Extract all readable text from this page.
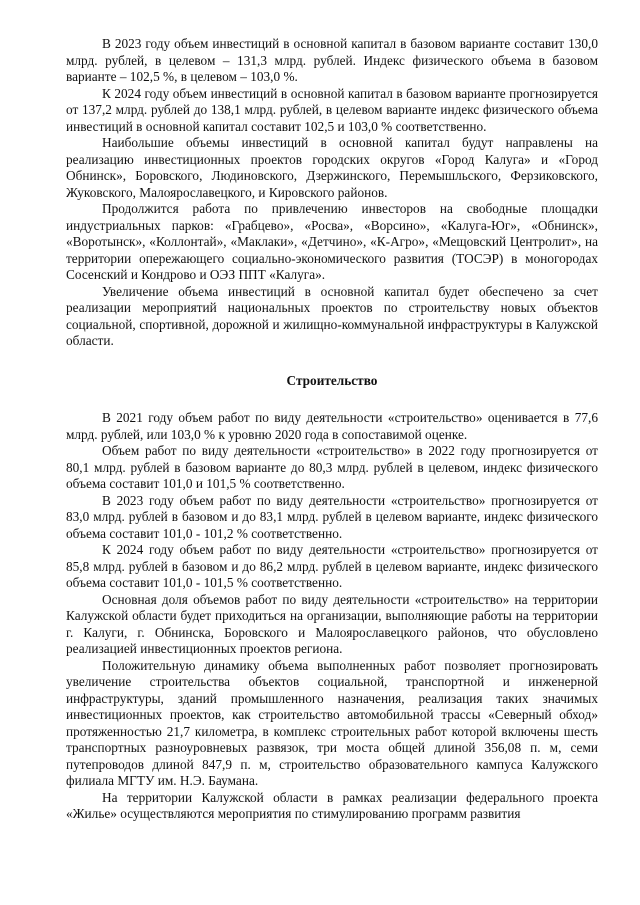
В 2023 году объем инвестиций в основной капитал в базовом варианте составит 130,0 млрд. рублей, в целевом – 131,3 млрд. рублей. Индекс физического объема в базовом варианте – 102,5 %, в целевом – 103,0 %.

К 2024 году объем инвестиций в основной капитал в базовом варианте прогнозируется от 137,2 млрд. рублей до 138,1 млрд. рублей, в целевом варианте индекс физического объема инвестиций в основной капитал составит 102,5 и 103,0 % соответственно.

Наибольшие объемы инвестиций в основной капитал будут направлены на реализацию инвестиционных проектов городских округов «Город Калуга» и «Город Обнинск», Боровского, Людиновского, Дзержинского, Перемышльского, Ферзиковского, Жуковского, Малоярославецкого, и Кировского районов.

Продолжится работа по привлечению инвесторов на свободные площадки индустриальных парков: «Грабцево», «Росва», «Ворсино», «Калуга-Юг», «Обнинск», «Воротынск», «Коллонтай», «Маклаки», «Детчино», «К-Агро», «Мещовский Центролит», на территории опережающего социально-экономического развития (ТОСЭР) в моногородах Сосенский и Кондрово и ОЭЗ ППТ «Калуга».

Увеличение объема инвестиций в основной капитал будет обеспечено за счет реализации мероприятий национальных проектов по строительству новых объектов социальной, спортивной, дорожной и жилищно-коммунальной инфраструктуры в Калужской области.

Строительство

В 2021 году объем работ по виду деятельности «строительство» оценивается в 77,6 млрд. рублей, или 103,0 % к уровню 2020 года в сопоставимой оценке.

Объем работ по виду деятельности «строительство» в 2022 году прогнозируется от 80,1 млрд. рублей в базовом варианте до 80,3 млрд. рублей в целевом, индекс физического объема составит 101,0 и 101,5 % соответственно.

В 2023 году объем работ по виду деятельности «строительство» прогнозируется от 83,0 млрд. рублей в базовом и до 83,1 млрд. рублей в целевом варианте, индекс физического объема составит 101,0 - 101,2 % соответственно.

К 2024 году объем работ по виду деятельности «строительство» прогнозируется от 85,8 млрд. рублей в базовом и до 86,2 млрд. рублей в целевом варианте, индекс физического объема составит 101,0 - 101,5 % соответственно.

Основная доля объемов работ по виду деятельности «строительство» на территории Калужской области будет приходиться на организации, выполняющие работы на территории г. Калуги, г. Обнинска, Боровского и Малоярославецкого районов, что обусловлено реализацией инвестиционных проектов региона.

Положительную динамику объема выполненных работ позволяет прогнозировать увеличение строительства объектов социальной, транспортной и инженерной инфраструктуры, зданий промышленного назначения, реализация таких значимых инвестиционных проектов, как строительство автомобильной трассы «Северный обход» протяженностью 21,7 километра, в комплекс строительных работ которой включены шесть транспортных разноуровневых развязок, три моста общей длиной 356,08 п. м, семи путепроводов длиной 847,9 п. м, строительство образовательного кампуса Калужского филиала МГТУ им. Н.Э. Баумана.

На территории Калужской области в рамках реализации федерального проекта «Жилье» осуществляются мероприятия по стимулированию программ развития
